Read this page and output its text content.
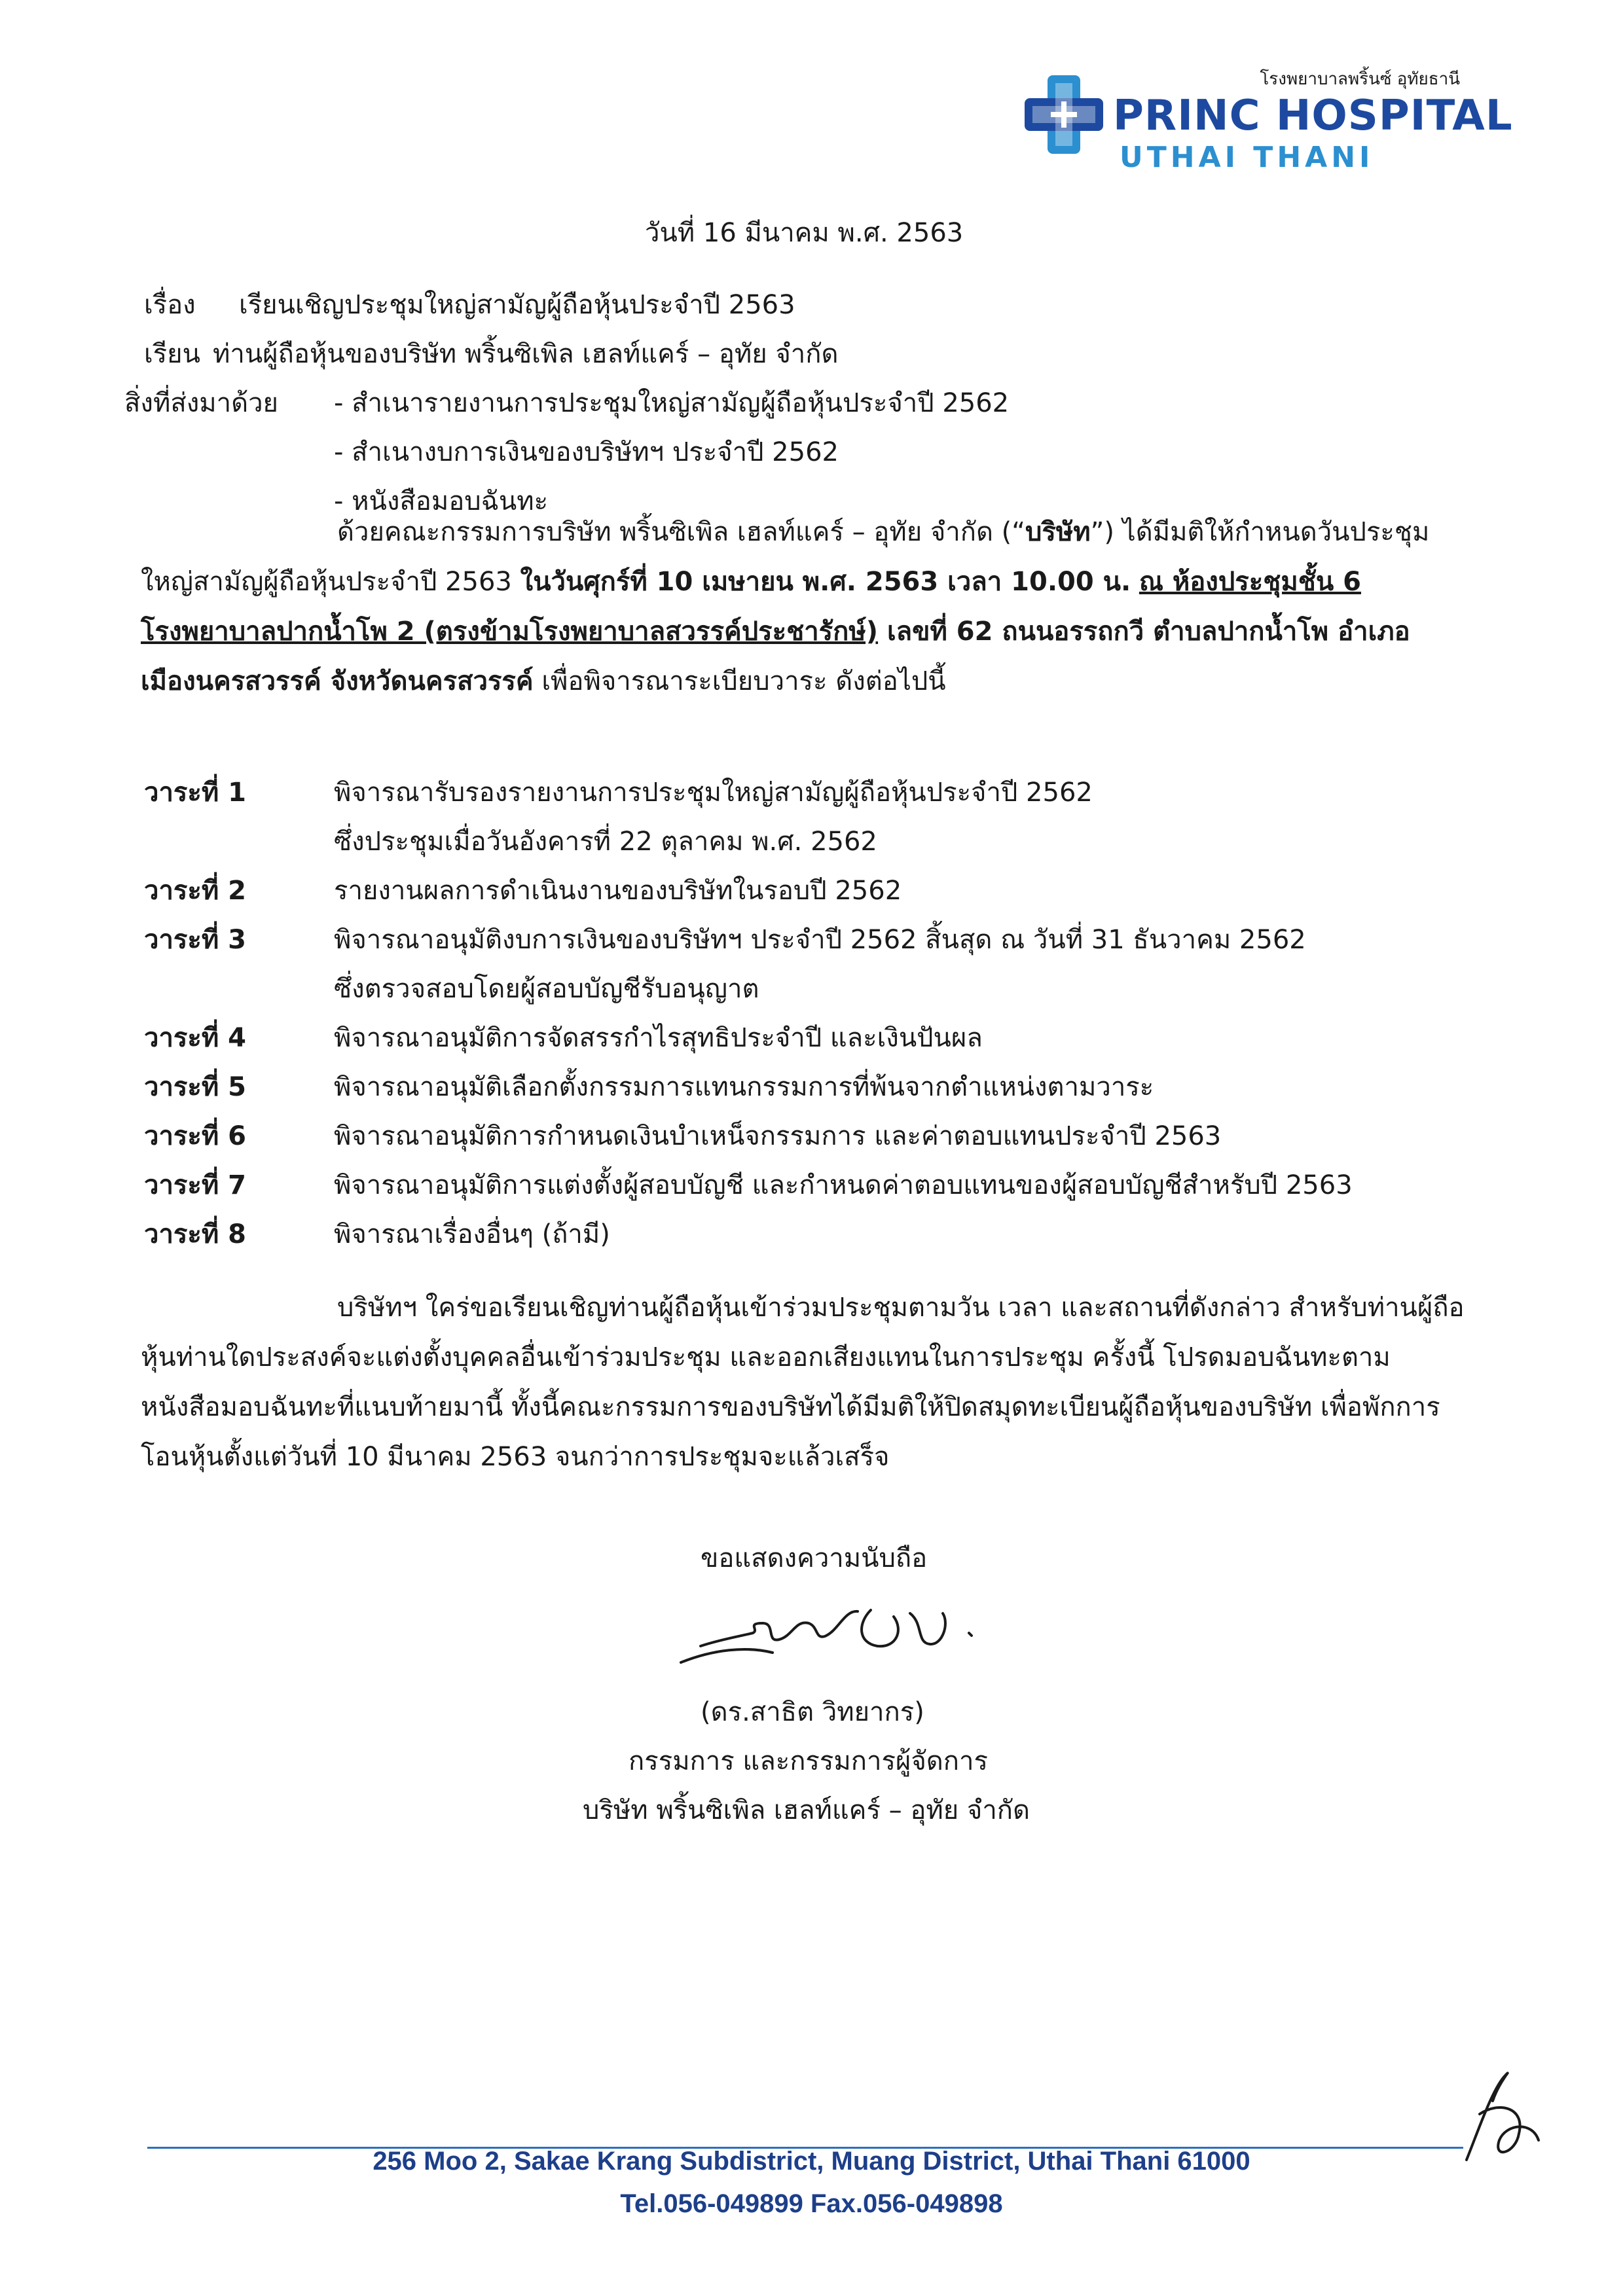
โรงพยาบาลพริ้นซ์ อุทัยธานี
PRINC HOSPITAL
UTHAI THANI
วันที่ 16 มีนาคม พ.ศ. 2563
เรื่อง เรียนเชิญประชุมใหญ่สามัญผู้ถือหุ้นประจำปี 2563
เรียน ท่านผู้ถือหุ้นของบริษัท พริ้นซิเพิล เฮลท์แคร์ – อุทัย จำกัด
สิ่งที่ส่งมาด้วย - สำเนารายงานการประชุมใหญ่สามัญผู้ถือหุ้นประจำปี 2562
- สำเนางบการเงินของบริษัทฯ ประจำปี 2562
- หนังสือมอบฉันทะ
ด้วยคณะกรรมการบริษัท พริ้นซิเพิล เฮลท์แคร์ – อุทัย จำกัด (“บริษัท”) ได้มีมติให้กำหนดวันประชุม
ใหญ่สามัญผู้ถือหุ้นประจำปี 2563 ในวันศุกร์ที่ 10 เมษายน พ.ศ. 2563 เวลา 10.00 น. ณ ห้องประชุมชั้น 6
โรงพยาบาลปากน้ำโพ 2 (ตรงข้ามโรงพยาบาลสวรรค์ประชารักษ์) เลขที่ 62 ถนนอรรถกวี ตำบลปากน้ำโพ อำเภอ
เมืองนครสวรรค์ จังหวัดนครสวรรค์ เพื่อพิจารณาระเบียบวาระ ดังต่อไปนี้
วาระที่ 1	พิจารณารับรองรายงานการประชุมใหญ่สามัญผู้ถือหุ้นประจำปี 2562
ซึ่งประชุมเมื่อวันอังคารที่ 22 ตุลาคม พ.ศ. 2562
วาระที่ 2	รายงานผลการดำเนินงานของบริษัทในรอบปี 2562
วาระที่ 3	พิจารณาอนุมัติงบการเงินของบริษัทฯ ประจำปี 2562 สิ้นสุด ณ วันที่ 31 ธันวาคม 2562
ซึ่งตรวจสอบโดยผู้สอบบัญชีรับอนุญาต
วาระที่ 4	พิจารณาอนุมัติการจัดสรรกำไรสุทธิประจำปี และเงินปันผล
วาระที่ 5	พิจารณาอนุมัติเลือกตั้งกรรมการแทนกรรมการที่พ้นจากตำแหน่งตามวาระ
วาระที่ 6	พิจารณาอนุมัติการกำหนดเงินบำเหน็จกรรมการ และค่าตอบแทนประจำปี 2563
วาระที่ 7	พิจารณาอนุมัติการแต่งตั้งผู้สอบบัญชี และกำหนดค่าตอบแทนของผู้สอบบัญชีสำหรับปี 2563
วาระที่ 8	พิจารณาเรื่องอื่นๆ (ถ้ามี)
บริษัทฯ ใคร่ขอเรียนเชิญท่านผู้ถือหุ้นเข้าร่วมประชุมตามวัน เวลา และสถานที่ดังกล่าว สำหรับท่านผู้ถือ
หุ้นท่านใดประสงค์จะแต่งตั้งบุคคลอื่นเข้าร่วมประชุม และออกเสียงแทนในการประชุม ครั้งนี้ โปรดมอบฉันทะตาม
หนังสือมอบฉันทะที่แนบท้ายมานี้ ทั้งนี้คณะกรรมการของบริษัทได้มีมติให้ปิดสมุดทะเบียนผู้ถือหุ้นของบริษัท เพื่อพักการ
โอนหุ้นตั้งแต่วันที่ 10 มีนาคม 2563 จนกว่าการประชุมจะแล้วเสร็จ
ขอแสดงความนับถือ
(ดร.สาธิต วิทยากร)
กรรมการ และกรรมการผู้จัดการ
บริษัท พริ้นซิเพิล เฮลท์แคร์ – อุทัย จำกัด
256 Moo 2, Sakae Krang Subdistrict, Muang District, Uthai Thani 61000
Tel.056-049899 Fax.056-049898
